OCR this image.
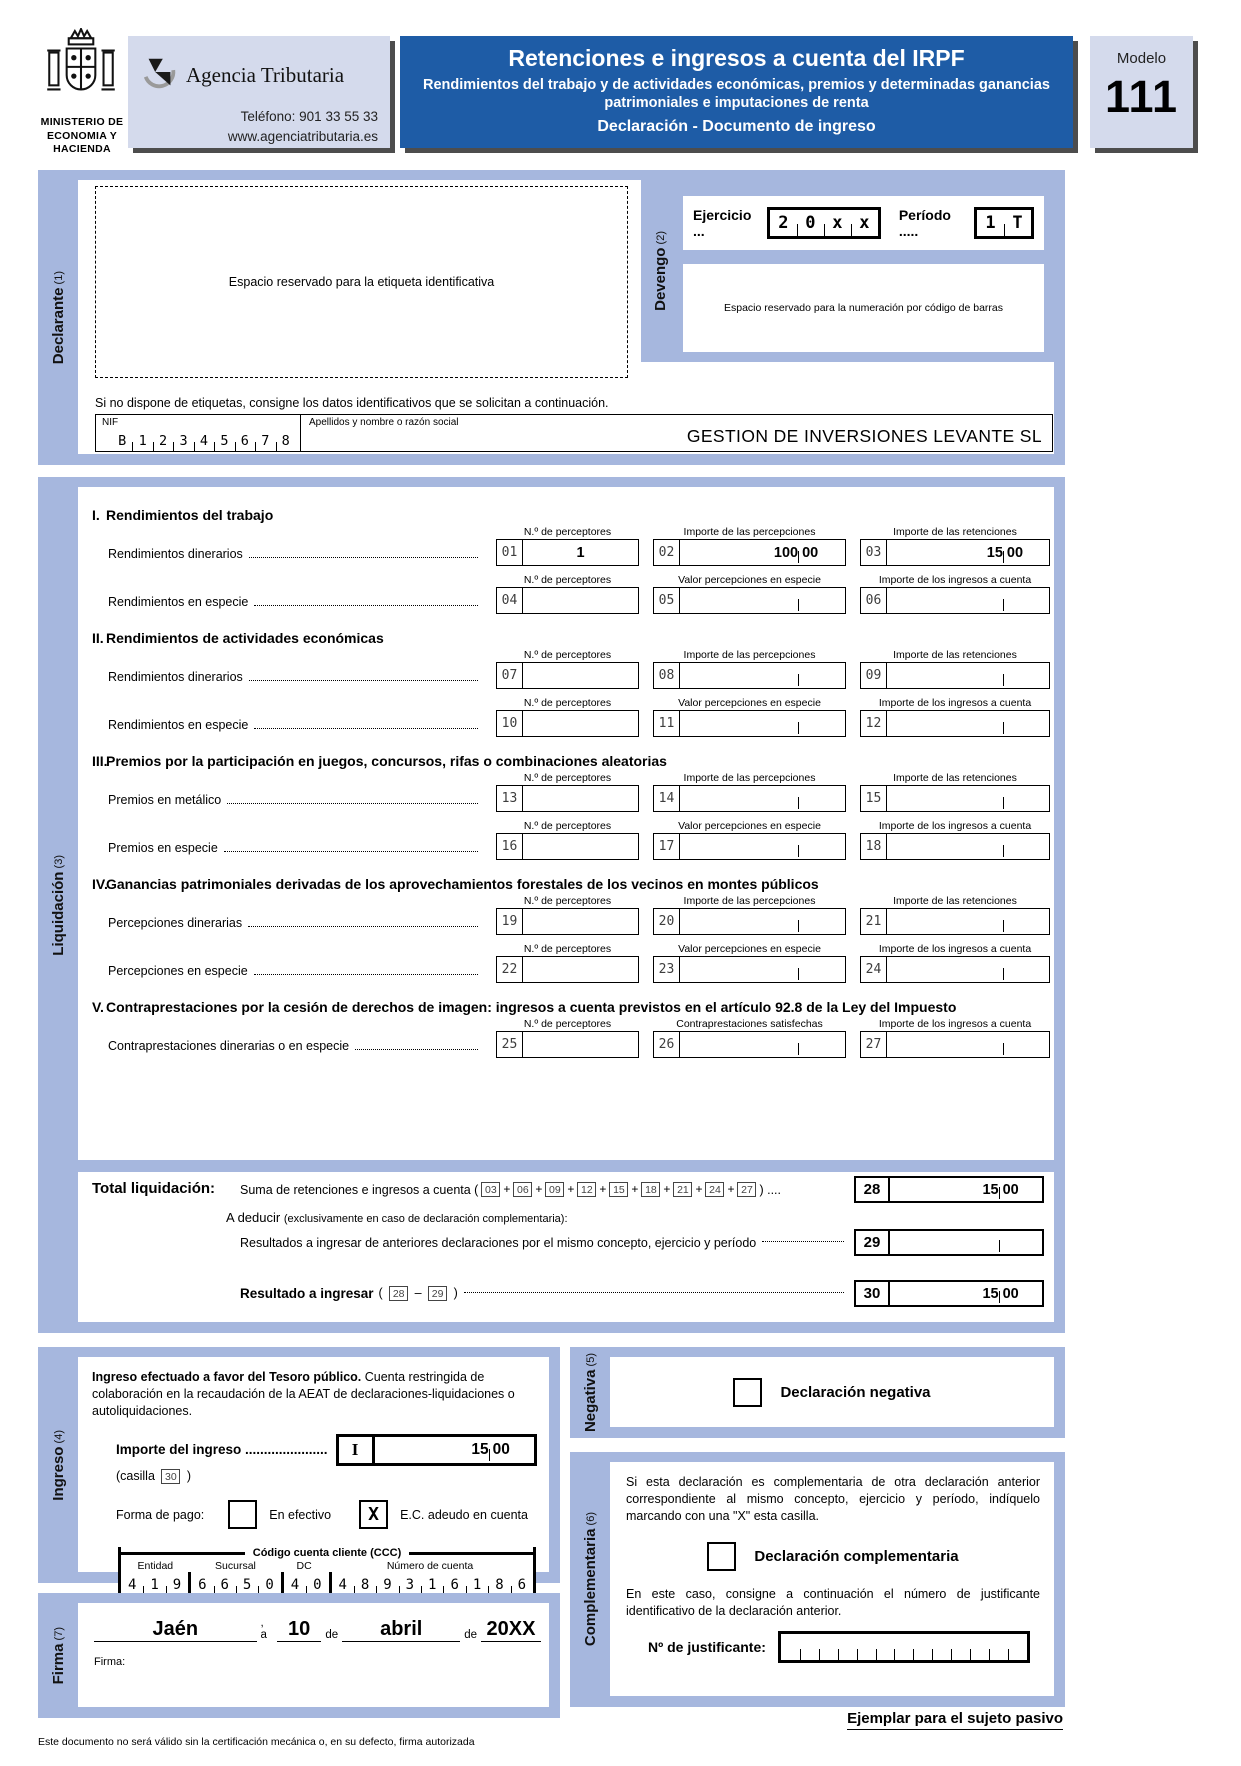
MINISTERIO DE ECONOMIA Y HACIENDA
Agencia Tributaria
Teléfono: 901 33 55 33
www.agenciatributaria.es
Retenciones e ingresos a cuenta del IRPF
Rendimientos del trabajo y de actividades económicas, premios y determinadas ganancias patrimoniales e imputaciones de renta
Declaración - Documento de ingreso
Modelo
111
Declarante(1)	Espacio reservado para la etiqueta identificativa	Devengo(2)
Ejercicio ...	2 0 x x	Período .....	1 T
Espacio reservado para la numeración por código de barras
Si no dispone de etiquetas, consigne los datos identificativos que se solicitan a continuación.
NIF
B 1 2 3 4 5 6 7 8
Apellidos y nombre o razón social
GESTION DE INVERSIONES LEVANTE SL
Liquidación(3)
I. Rendimientos del trabajo
N.º de perceptores	Importe de las percepciones	Importe de las retenciones
Rendimientos dinerarios	01	1	02	100 00	03	15 00
N.º de perceptores	Valor percepciones en especie	Importe de los ingresos a cuenta
Rendimientos en especie	04	05	06
II. Rendimientos de actividades económicas
N.º de perceptores	Importe de las percepciones	Importe de las retenciones
Rendimientos dinerarios	07	08	09
N.º de perceptores	Valor percepciones en especie	Importe de los ingresos a cuenta
Rendimientos en especie	10	11	12
III.
Premios por la participación en juegos, concursos, rifas o combinaciones aleatorias
N.º de perceptores	Importe de las percepciones	Importe de las retenciones
Premios en metálico	13	14	15
N.º de perceptores	Valor percepciones en especie	Importe de los ingresos a cuenta
Premios en especie	16	17	18
IV.
Ganancias patrimoniales derivadas de los aprovechamientos forestales de los vecinos en montes públicos
N.º de perceptores	Importe de las percepciones	Importe de las retenciones
Percepciones dinerarias	19	20	21
N.º de perceptores	Valor percepciones en especie	Importe de los ingresos a cuenta
Percepciones en especie	22	23	24
V. Contraprestaciones por la cesión de derechos de imagen: ingresos a cuenta previstos en el artículo 92.8 de la Ley del Impuesto
N.º de perceptores	Contraprestaciones satisfechas	Importe de los ingresos a cuenta
Contraprestaciones dinerarias o en especie	25	26	27
Total liquidación: Suma de retenciones e ingresos a cuenta ( 03 + 06 + 09 + 12 + 15 + 18 + 21 + 24 + 27 ) ....	28	15 00
A deducir (exclusivamente en caso de declaración complementaria):
Resultados a ingresar de anteriores declaraciones por el mismo concepto, ejercicio y período	29
Resultado a ingresar ( 28 – 29 )	30	15 00
Ingreso(4)
Ingreso efectuado a favor del Tesoro público. Cuenta restringida de colaboración en la recaudación de la AEAT de declaraciones-liquidaciones o autoliquidaciones.
Importe del ingreso ......................	I	15 00
(casilla 30 )
Forma de pago:	En efectivo	X	E.C. adeudo en cuenta
Código cuenta cliente (CCC)
Entidad	Sucursal	DC	Número de cuenta
4 1 9	6 6 5 0	4 0	4 8 9 3 1 6 1 8 6
Firma(7)	Jaén	, a	10	de	abril	de 20XX
Firma:
Negativa(5)
Declaración negativa
Complementaria(6)
Si esta declaración es complementaria de otra declaración anterior correspondiente al mismo concepto, ejercicio y período, indíquelo marcando con una "X" esta casilla.
Declaración complementaria
En este caso, consigne a continuación el número de justificante identificativo de la declaración anterior.
Nº de justificante:
Este documento no será válido sin la certificación mecánica o, en su defecto, firma autorizada
Ejemplar para el sujeto pasivo
